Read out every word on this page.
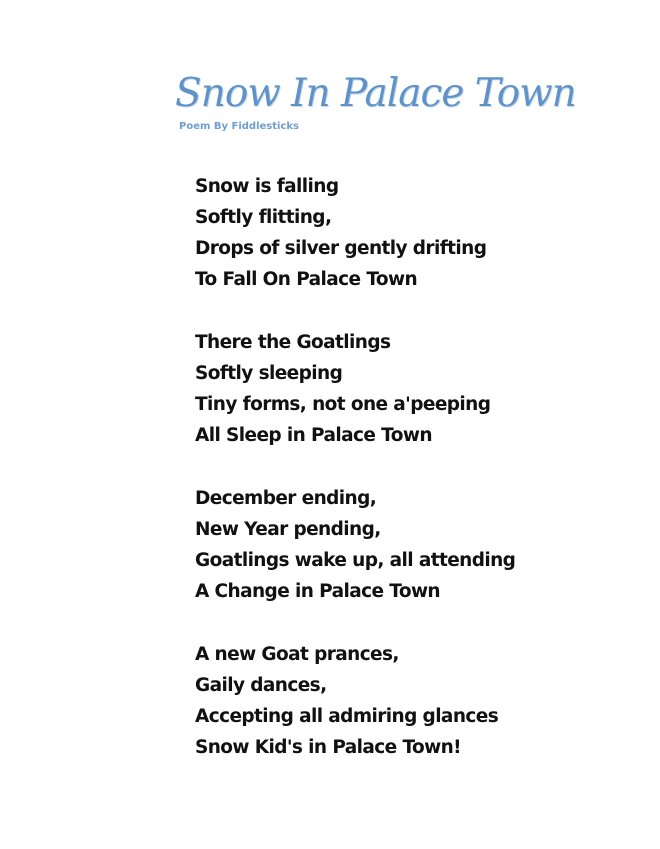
Snow In Palace Town
Poem By Fiddlesticks
Snow is falling
Softly flitting,
Drops of silver gently drifting
To Fall On Palace Town
There the Goatlings
Softly sleeping
Tiny forms, not one a'peeping
All Sleep in Palace Town
December ending,
New Year pending,
Goatlings wake up, all attending
A Change in Palace Town
A new Goat prances,
Gaily dances,
Accepting all admiring glances
Snow Kid's in Palace Town!
